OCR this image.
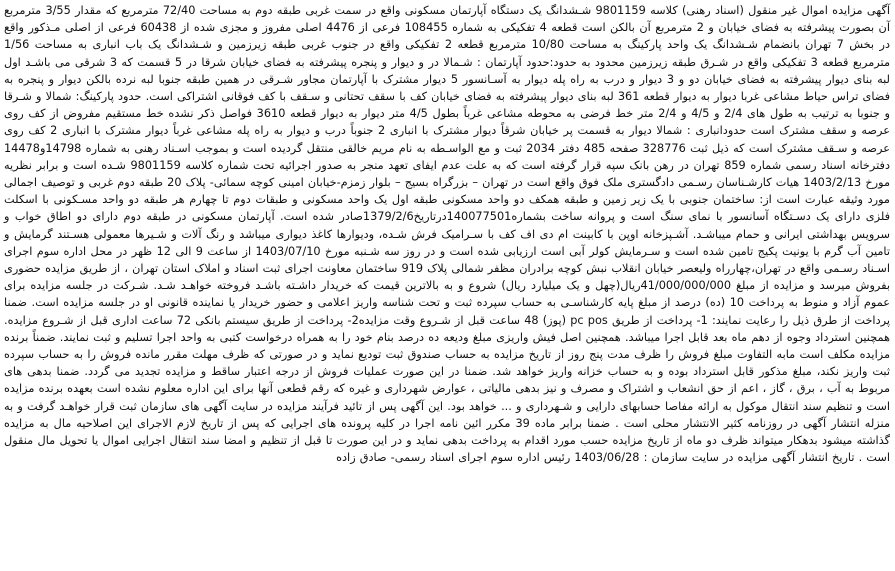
آگهی مزایده اموال غیر منقول (اسناد رهنی) کلاسه 9801159 شـشدانگ یک دستگاه آپارتمان مسکونی واقع در سمت غربی طبقه دوم به مساحت 72/40 مترمربع که مقدار 3/55 مترمربع آن بصورت پیشرفته به فضای خیابان و 2 مترمربع آن بالکن است قطعه 4 تفکیکی به شماره 108455 فرعی از 4476 اصلی مفروز و مجزی شده از 60438 فرعی از اصلی مـذکور واقع در بخش 7 تهران بانضمام شـشدانگ یک واحد پارکینگ به مساحت 10/80 مترمربع قطعه 2 تفکیکی واقع در جنوب غربی طبقه زیرزمین و شـشدانگ یک باب انباری به مساحت 1/56 مترمربع قطعه 3 تفکیکی واقع در شـرق طبقه زیرزمین محدود به حدود:حدود آپارتمان : شـمالا در و دیوار و پنجره پیشرفته به فضای خیابان شرقا در 5 قسمت که 3 شرقی می باشـد اول لبه بنای دیوار پیشرفته به فضای خیابان دو و 3 دیوار و درب به راه پله دیوار به آسـانسور 5 دیوار مشترک با آپارتمان مجاور شـرقی در همین طبقه جنوبا لبه نرده بالکن دیوار و پنجره به فضاى تراس حیاط مشاعی غربا دیوار به دیوار قطعه 361 لبه بنای دیوار پیشرفته به فضای خیابان کف با سقف تحتانی و سـقف با کف فوقانی اشتراکی است. حدود پارکینگ: شمالا و شـرقا و جنوبا به ترتیب به طول های 2/4 و 4/5 و 2/4 متر خط فرضی به محوطه مشاعی غرباً بطول 4/5 متر دیوار به دیوار قطعه 3610 فواصل ذکر نشده خط مستقیم مفروض از کف روی عرصه و سقف مشترک است حدودانباری : شمالا دیوار به قسمت پر خیابان شرقاً دیوار مشترک با انباری 2 جنوباً درب و دیوار به راه پله مشاعی غرباً دیوار مشترک با انباری 2 کف روی عرصه و سـقف مشترک است که ذیل ثبت 328776 صفحه 485 دفتر 2034 ثبت و مع الواسـطه به نام مریم خالقی منتقل گردیده است و بموجب اسـناد رهنی به شماره 14798و14478 دفترخانه اسناد رسمی شماره 859 تهران در رهن بانک سپه قرار گرفته است که به علت عدم ایفای تعهد منجر به صدور اجرائیه تحت شماره کلاسه 9801159 شـده است و برابر نظریه مورخ 1403/2/13 هیات کارشـناسان رسـمی دادگستری ملک فوق واقع است در تهران – بزرگراه بسیج – بلوار زمزم-خیابان امینی کوچه سمائی- پلاک 20 طبقه دوم غربی و توصیف اجمالی مورد وثیقه عبارت است از: ساختمان جنوبی با یک زیر زمین و طبقه همکف دو واحد مسکونی طبقه اول یک واحد مسکونی و طبقات دوم تا چهارم هر طبقه دو واحد مسـکونی با اسکلت فلزی دارای یک دسـتگاه آسانسور با نمای سنگ است و پروانه ساخت بشماره140077501درتاریخ1379/2/6صادر شده است. آپارتمان مسکونی در طبقه دوم دارای دو اطاق خواب و سرویس بهداشتی ایرانی و حمام میباشـد. آشـپزخانه اوپن با کابینت ام دی اف کف با سـرامیک فرش شـده، ودیوارها کاغذ دیواری میباشد و رنگ آلات و شـیرها معمولی هسـتند گرمایش و تامین آب گرم با یونیت پکیج تامین شده است و سـرمایش کولر آبی است ارزیابی شده است و در روز سه شـنبه مورخ 1403/07/10 از ساعت 9 الی 12 ظهر در محل اداره سوم اجرای اسـناد رسـمی واقع در تهران،چهارراه ولیعصر خیابان انقلاب نبش کوچه برادران مظفر شمالی پلاک 919 ساختمان معاونت اجرای ثبت اسناد و املاک استان تهران ، از طریق مزایده حضوری بفروش میرسد و مزایده از مبلغ 41/000/000/000ریال(چهل و یک میلیارد ریال) شروع و به بالاترین قیمت که خریدار داشـته باشـد فروخته خواهـد شـد. شـرکت در جلسه مزایده برای عموم آزاد و منوط به پرداخت 10 (ده) درصد از مبلغ پایه کارشناسـی به حساب سپرده ثبت و تحت شناسه واریز اعلامی و حضور خریدار یا نماینده قانونی او در جلسه مزایده است. ضمنا پرداخت از طرق ذیل را رعایت نمایند: 1- پرداخت از طریق pc pos (پوز) 48 ساعت قبل از شـروع وقت مزایده2- پرداخت از طریق سیستم بانکی 72 ساعت اداری قبل از شـروع مزایده. همچنین استرداد وجوه از دهم ماه بعد قابل اجرا میباشد. همچنین اصل فیش واریزی مبلغ ودیعه ده درصد بنام خود را به همراه درخواست کتبی به واحد اجرا تسلیم و ثبت نمایند. ضمناً برنده مزایده مکلف است مابه التفاوت مبلغ فروش را ظرف مدت پنج روز از تاریخ مزایده به حساب صندوق ثبت تودیع نماید و در صورتی که ظرف مهلت مقرر مانده فروش را به حساب سپرده ثبت واریز نکند، مبلغ مذکور قابل استرداد بوده و به حساب خزانه واریز خواهد شد. ضمنا در این صورت عملیات فروش از درجه اعتبار ساقط و مزایده تجدید می گردد. ضمنا بدهی های مربوط به آب ، برق ، گاز ، اعم از حق انشعاب و اشتراک و مصرف و نیز بدهی مالیاتی ، عوارض شهرداری و غیره که رقم قطعی آنها برای این اداره معلوم نشده است بعهده برنده مزایده است و تنظیم سند انتقال موکول به ارائه مفاصا حسابهای دارایی و شـهرداری و ... خواهد بود. این آگهی پس از تائید فرآیند مزایده در سایت آگهی های سازمان ثبت قرار خواهـد گرفت و به منزله انتشار آگهی در روزنامه کثیر الانتشار محلی است . ضمنا برابر ماده 39 مکرر ائین نامه اجرا در کلیه پرونده های اجرایی که پس از تاریخ لازم الاجرای این اصلاحیه مال به مزایده گذاشته میشود بدهکار میتواند ظرف دو ماه از تاریخ مزایده حسب مورد اقدام به پرداخت بدهی نماید و در این صورت تا قبل از تنظیم و امضا سند انتقال اجرایی اموال یا تحویل مال منقول است . تاریخ انتشار آگهی مزایده در سایت سازمان : 1403/06/28 رئیس اداره سوم اجرای اسناد رسمی- صادق زاده
